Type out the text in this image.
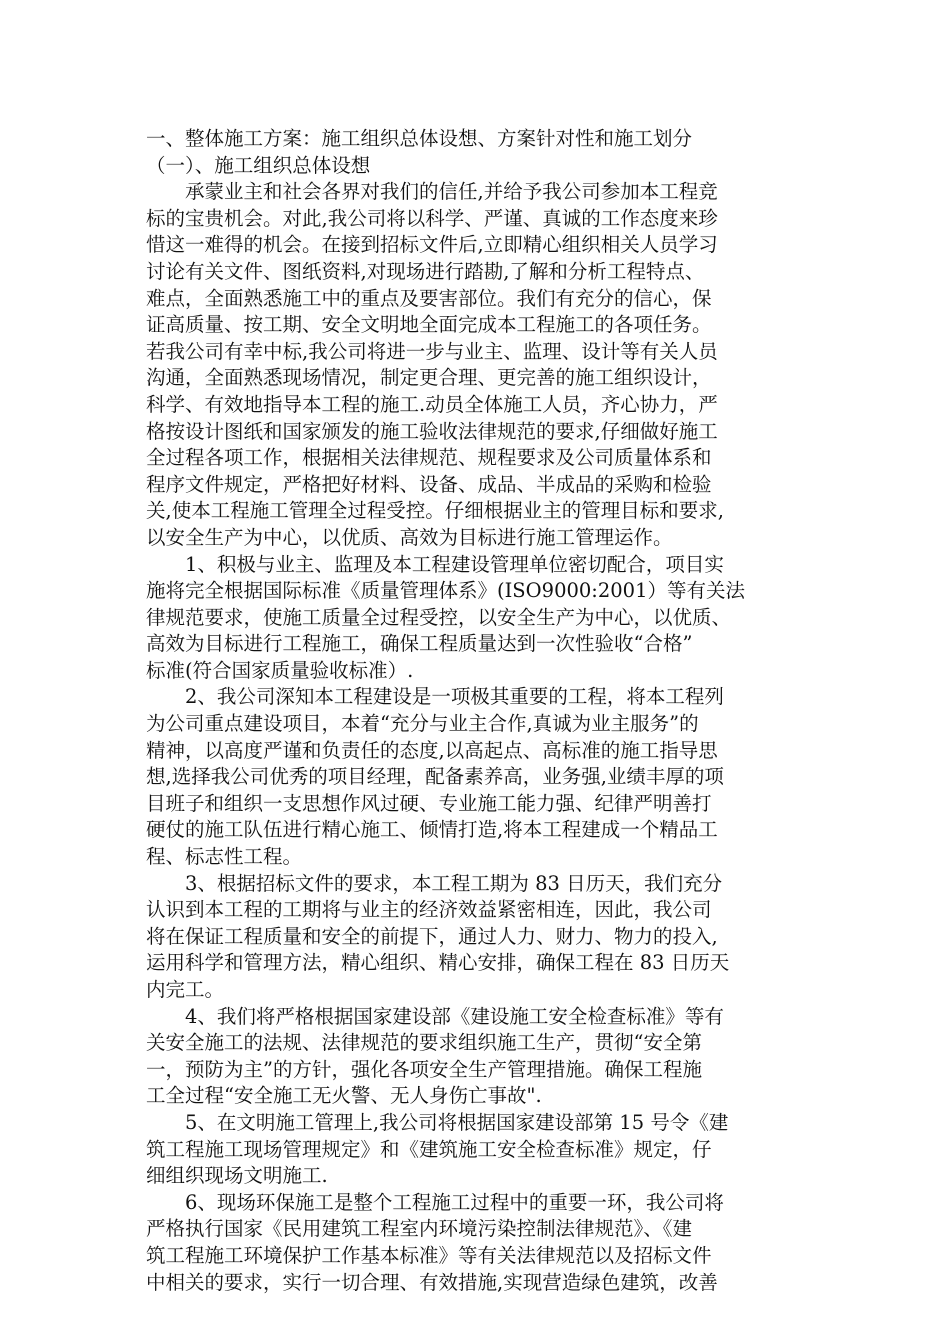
一、整体施工方案：施工组织总体设想、方案针对性和施工划分
（一）、施工组织总体设想
　　承蒙业主和社会各界对我们的信任,并给予我公司参加本工程竞
标的宝贵机会。对此,我公司将以科学、严谨、真诚的工作态度来珍
惜这一难得的机会。在接到招标文件后,立即精心组织相关人员学习
讨论有关文件、图纸资料,对现场进行踏勘,了解和分析工程特点、
难点，全面熟悉施工中的重点及要害部位。我们有充分的信心，保
证高质量、按工期、安全文明地全面完成本工程施工的各项任务。
若我公司有幸中标,我公司将进一步与业主、监理、设计等有关人员
沟通，全面熟悉现场情况，制定更合理、更完善的施工组织设计，
科学、有效地指导本工程的施工.动员全体施工人员，齐心协力，严
格按设计图纸和国家颁发的施工验收法律规范的要求,仔细做好施工
全过程各项工作，根据相关法律规范、规程要求及公司质量体系和
程序文件规定，严格把好材料、设备、成品、半成品的采购和检验
关,使本工程施工管理全过程受控。仔细根据业主的管理目标和要求,
以安全生产为中心，以优质、高效为目标进行施工管理运作。
　　1、积极与业主、监理及本工程建设管理单位密切配合，项目实
施将完全根据国际标准《质量管理体系》(ISO9000:2001）等有关法
律规范要求，使施工质量全过程受控，以安全生产为中心，以优质、
高效为目标进行工程施工，确保工程质量达到一次性验收“合格”
标准(符合国家质量验收标准）.
　　2、我公司深知本工程建设是一项极其重要的工程，将本工程列
为公司重点建设项目，本着“充分与业主合作,真诚为业主服务”的
精神，以高度严谨和负责任的态度,以高起点、高标准的施工指导思
想,选择我公司优秀的项目经理，配备素养高，业务强,业绩丰厚的项
目班子和组织一支思想作风过硬、专业施工能力强、纪律严明善打
硬仗的施工队伍进行精心施工、倾情打造,将本工程建成一个精品工
程、标志性工程。
　　3、根据招标文件的要求，本工程工期为 83 日历天，我们充分
认识到本工程的工期将与业主的经济效益紧密相连，因此，我公司
将在保证工程质量和安全的前提下，通过人力、财力、物力的投入,
运用科学和管理方法，精心组织、精心安排，确保工程在 83 日历天
内完工。
　　4、我们将严格根据国家建设部《建设施工安全检查标准》等有
关安全施工的法规、法律规范的要求组织施工生产，贯彻“安全第
一，预防为主”的方针，强化各项安全生产管理措施。确保工程施
工全过程“安全施工无火警、无人身伤亡事故".
　　5、在文明施工管理上,我公司将根据国家建设部第 15 号令《建
筑工程施工现场管理规定》和《建筑施工安全检查标准》规定，仔
细组织现场文明施工.
　　6、现场环保施工是整个工程施工过程中的重要一环，我公司将
严格执行国家《民用建筑工程室内环境污染控制法律规范》、《建
筑工程施工环境保护工作基本标准》等有关法律规范以及招标文件
中相关的要求，实行一切合理、有效措施,实现营造绿色建筑，改善
